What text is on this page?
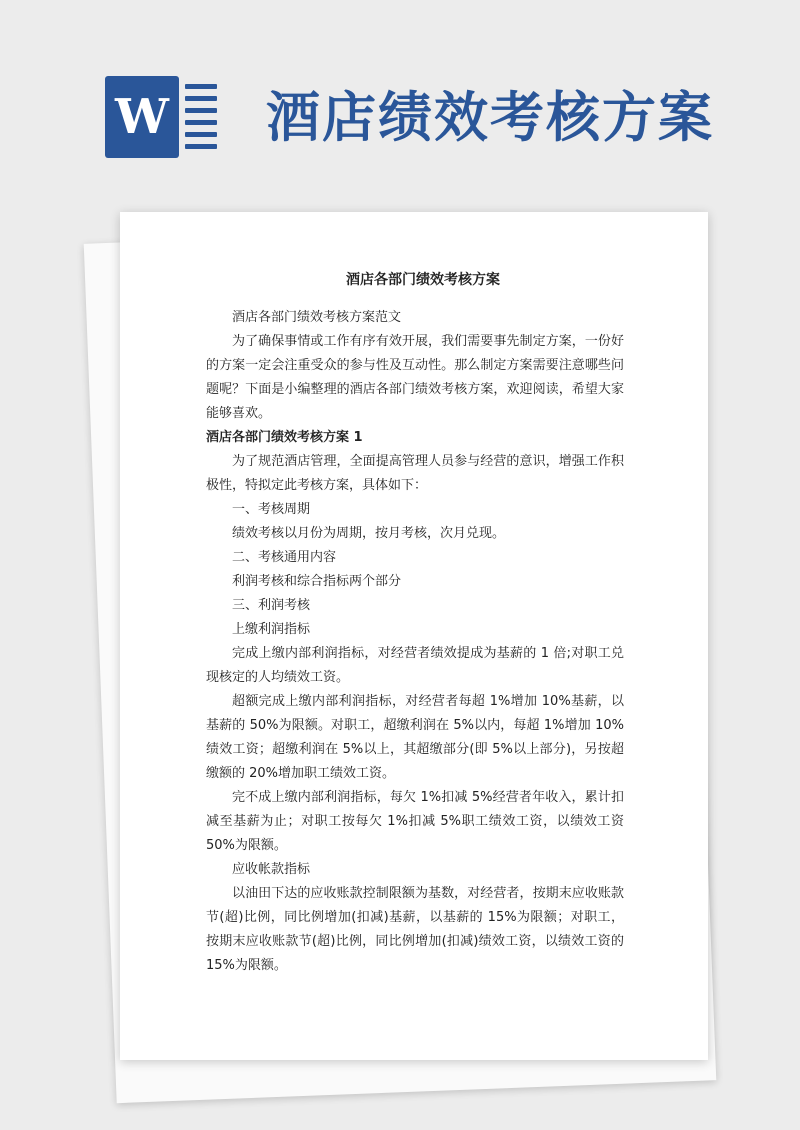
W 酒店绩效考核方案
酒店各部门绩效考核方案

酒店各部门绩效考核方案范文

为了确保事情或工作有序有效开展，我们需要事先制定方案，一份好的方案一定会注重受众的参与性及互动性。那么制定方案需要注意哪些问题呢？下面是小编整理的酒店各部门绩效考核方案，欢迎阅读，希望大家能够喜欢。

酒店各部门绩效考核方案 1

为了规范酒店管理，全面提高管理人员参与经营的意识，增强工作积极性，特拟定此考核方案，具体如下：

一、考核周期

绩效考核以月份为周期，按月考核，次月兑现。

二、考核通用内容

利润考核和综合指标两个部分

三、利润考核

上缴利润指标

完成上缴内部利润指标，对经营者绩效提成为基薪的 1 倍;对职工兑现核定的人均绩效工资。

超额完成上缴内部利润指标，对经营者每超 1%增加 10%基薪，以基薪的 50%为限额。对职工，超缴利润在 5%以内，每超 1%增加 10%绩效工资；超缴利润在 5%以上，其超缴部分(即 5%以上部分)，另按超缴额的 20%增加职工绩效工资。

完不成上缴内部利润指标，每欠 1%扣减 5%经营者年收入，累计扣减至基薪为止；对职工按每欠 1%扣减 5%职工绩效工资，以绩效工资 50%为限额。

应收帐款指标

以油田下达的应收账款控制限额为基数，对经营者，按期末应收账款节(超)比例，同比例增加(扣减)基薪，以基薪的 15%为限额；对职工， 按期末应收账款节(超)比例，同比例增加(扣减)绩效工资，以绩效工资的 15%为限额。
